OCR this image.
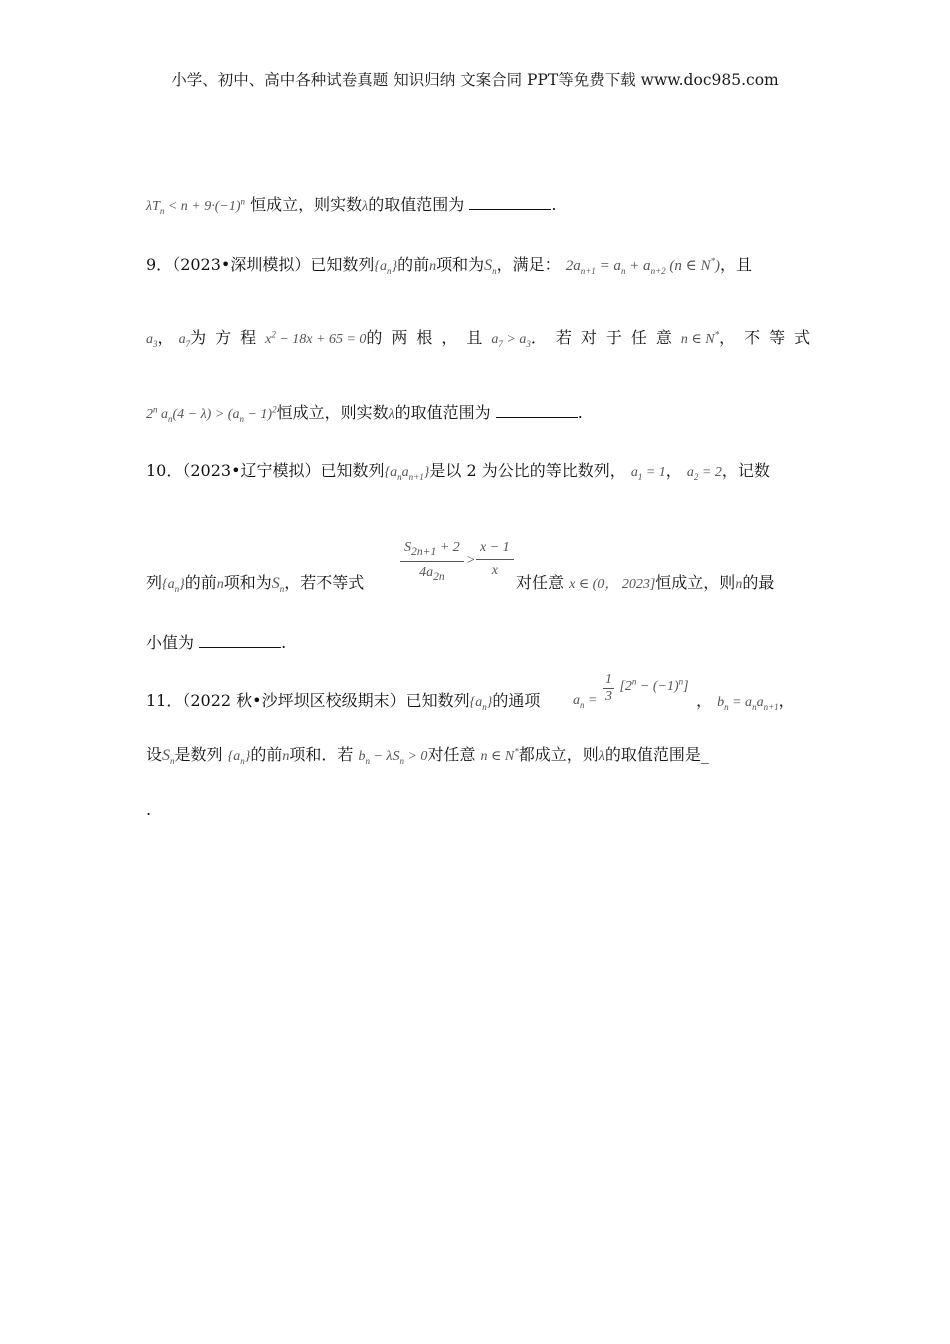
小学、初中、高中各种试卷真题 知识归纳 文案合同 PPT等免费下载 www.doc985.com
$\lambda T_n < n + 9\cdot(-1)^n$ 恒成立，则实数λ的取值范围为	.
9．（2023•深圳模拟）已知数列$\{a_n\}$的前n项和为$S_n$，满足： $2a_{n+1} = a_n + a_{n+2}$ (n ∈ N*)，且
$a_3$， $a_7$为方程$x^2 - 18x + 65 = 0$的两根，且$a_7 > a_3$．若对于任意n ∈ N*，不等式
2$^n$ $a_n(4 - \lambda) > (a_n - 1)^2$恒成立，则实数λ的取值范围为	.
10．（2023•辽宁模拟）已知数列$\{a_na_{n+1}\}$是以 2 为公比的等比数列， $a_1 = 1$， $a_2 = 2$，记数
$\frac{S_{2n+1} + 2}{4a_{2n}} > \frac{x - 1}{x}$
列$\{a_n\}$的前n项和为$S_n$，若不等式	对任意 x ∈ (0， 2023]恒成立，则n的最
小值为	.
11．（2022 秋•沙坪坝区校级期末）已知数列$\{a_n\}$的通项 $a_n = \frac{1}{3} [2^n - (-1)^n]$
， $b_n = a_na_{n+1}$，
设$S_n$是数列 $\{a_n\}$的前n项和．若 $b_n - \lambda S_n > 0$对任意 n ∈ N*都成立，则λ的取值范围是_
.
